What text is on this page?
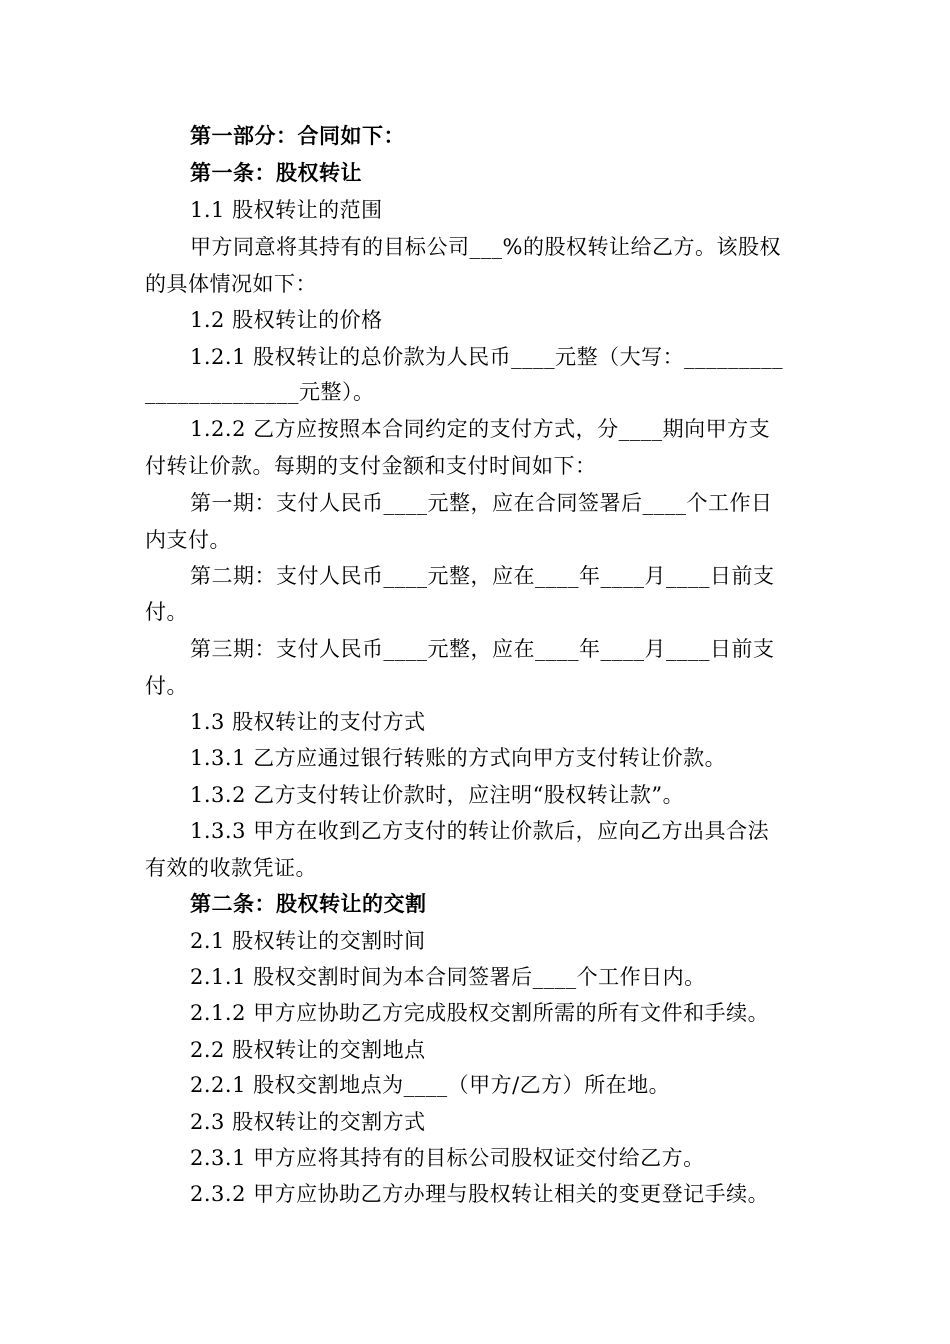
第一部分：合同如下：
第一条：股权转让
1.1 股权转让的范围
甲方同意将其持有的目标公司___%的股权转让给乙方。该股权
的具体情况如下：
1.2 股权转让的价格
1.2.1 股权转让的总价款为人民币____元整（大写：_________
______________元整）。
1.2.2 乙方应按照本合同约定的支付方式，分____期向甲方支
付转让价款。每期的支付金额和支付时间如下：
第一期：支付人民币____元整，应在合同签署后____个工作日
内支付。
第二期：支付人民币____元整，应在____年____月____日前支
付。
第三期：支付人民币____元整，应在____年____月____日前支
付。
1.3 股权转让的支付方式
1.3.1 乙方应通过银行转账的方式向甲方支付转让价款。
1.3.2 乙方支付转让价款时，应注明“股权转让款”。
1.3.3 甲方在收到乙方支付的转让价款后，应向乙方出具合法
有效的收款凭证。
第二条：股权转让的交割
2.1 股权转让的交割时间
2.1.1 股权交割时间为本合同签署后____个工作日内。
2.1.2 甲方应协助乙方完成股权交割所需的所有文件和手续。
2.2 股权转让的交割地点
2.2.1 股权交割地点为____（甲方/乙方）所在地。
2.3 股权转让的交割方式
2.3.1 甲方应将其持有的目标公司股权证交付给乙方。
2.3.2 甲方应协助乙方办理与股权转让相关的变更登记手续。
